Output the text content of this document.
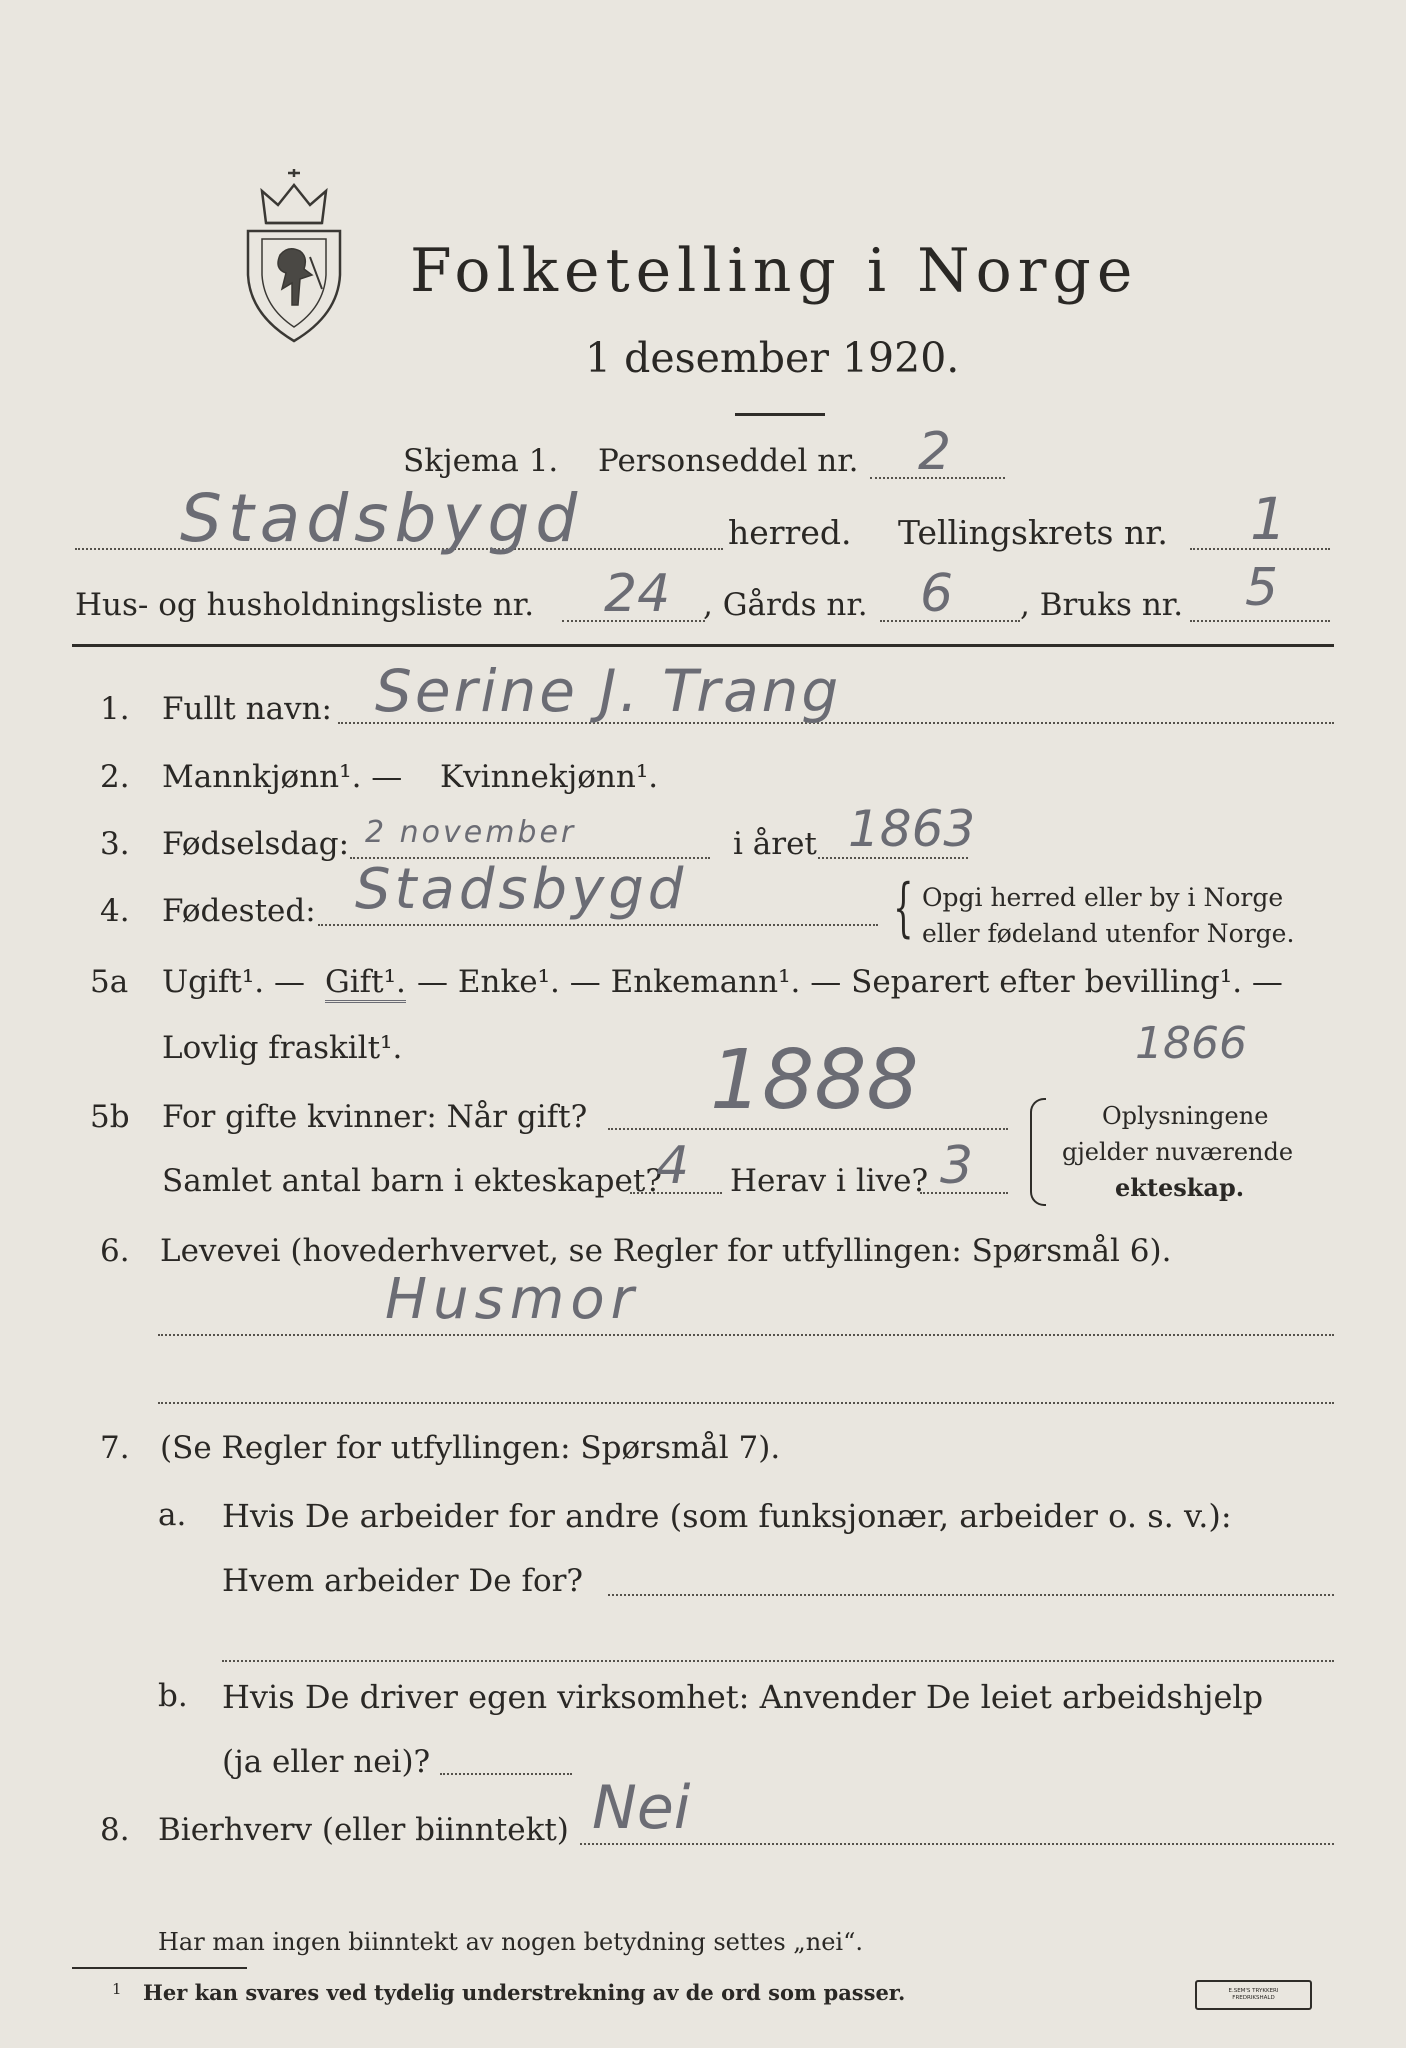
Folketelling i Norge
1 desember 1920.
Skjema 1. Personseddel nr. 2
Stadsbygd	herred. Tellingskrets nr. 1
Hus- og husholdningsliste nr. 24 , Gårds nr. 6 , Bruks nr. 5
1. Fullt navn: Serine J. Trang
2. Mannkjønn¹. — Kvinnekjønn¹.
3. Fødselsdag: 2 november	i året 1863
4. Fødested: Stadsbygd	{ Opgi herred eller by i Norge
eller fødeland utenfor Norge.
5a Ugift¹. — Gift¹. — Enke¹. — Enkemann¹. — Separert efter bevilling¹. —
Lovlig fraskilt¹.	1866
5b For gifte kvinner: Når gift? 1888
Samlet antal barn i ekteskapet?
4 Herav i live? 3
Oplysningene
gjelder nuværende
ekteskap.
6. Levevei (hovederhvervet, se Regler for utfyllingen: Spørsmål 6).
Husmor
7. (Se Regler for utfyllingen: Spørsmål 7).
a. Hvis De arbeider for andre (som funksjonær, arbeider o. s. v.):
Hvem arbeider De for?
b. Hvis De driver egen virksomhet: Anvender De leiet arbeidshjelp
(ja eller nei)?
8. Bierhverv (eller biinntekt) Nei
Har man ingen biinntekt av nogen betydning settes „nei“.
1 Her kan svares ved tydelig understrekning av de ord som passer.	E.SEM'S TRYKKERI FREDRIKSHALD
